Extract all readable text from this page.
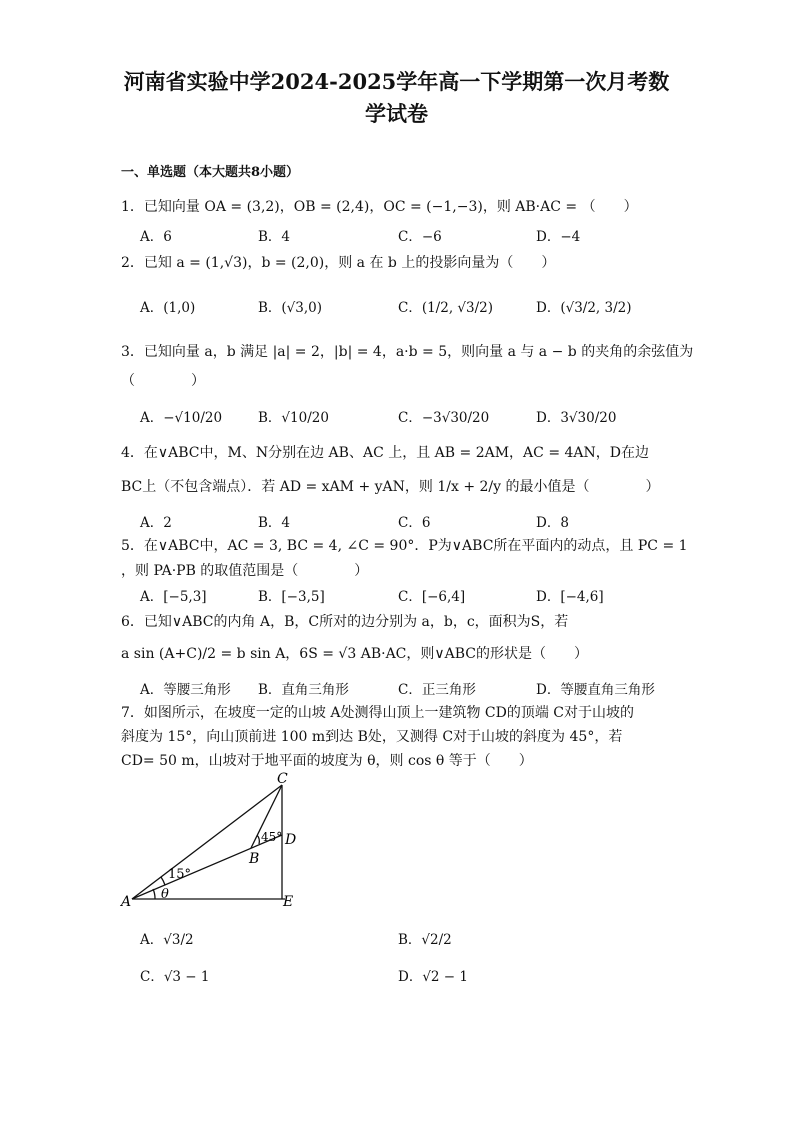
河南省实验中学2024-2025学年高一下学期第一次月考数
学试卷
一、单选题（本大题共8小题）
1．已知向量 OA = (3,2)，OB = (2,4)，OC = (−1,−3)，则 AB·AC = （　　）
A．6	B．4	C．−6	D．−4
2．已知 a = (1,√3)，b = (2,0)，则 a 在 b 上的投影向量为（　　）
A．(1,0)	B．(√3,0)	C．(1/2, √3/2)	D．(√3/2, 3/2)
3．已知向量 a，b 满足 |a| = 2，|b| = 4，a·b = 5，则向量 a 与 a − b 的夹角的余弦值为
（　　　　）
A．−√10/20	B．√10/20	C．−3√30/20	D．3√30/20
4．在∨ABC中，M、N分别在边 AB、AC 上，且 AB = 2AM，AC = 4AN，D在边
BC上（不包含端点）．若 AD = xAM + yAN，则 1/x + 2/y 的最小值是（　　　　）
A．2	B．4	C．6	D．8
5．在∨ABC中，AC = 3, BC = 4, ∠C = 90°．P为∨ABC所在平面内的动点，且 PC = 1
，则 PA·PB 的取值范围是（　　　　）
A．[−5,3]	B．[−3,5]	C．[−6,4]	D．[−4,6]
6．已知∨ABC的内角 A，B，C所对的边分别为 a，b，c，面积为S，若
a sin (A+C)/2 = b sin A，6S = √3 AB·AC，则∨ABC的形状是（　　）
A．等腰三角形 B．直角三角形	C．正三角形	D．等腰直角三角形
7．如图所示，在坡度一定的山坡 A处测得山顶上一建筑物 CD的顶端 C对于山坡的
斜度为 15°，向山顶前进 100 m到达 B处，又测得 C对于山坡的斜度为 45°，若
CD= 50 m，山坡对于地平面的坡度为 θ，则 cos θ 等于（　　）
A
B
C
D
E
15°
45°
θ
A．√3/2	B．√2/2
C．√3 − 1	D．√2 − 1
